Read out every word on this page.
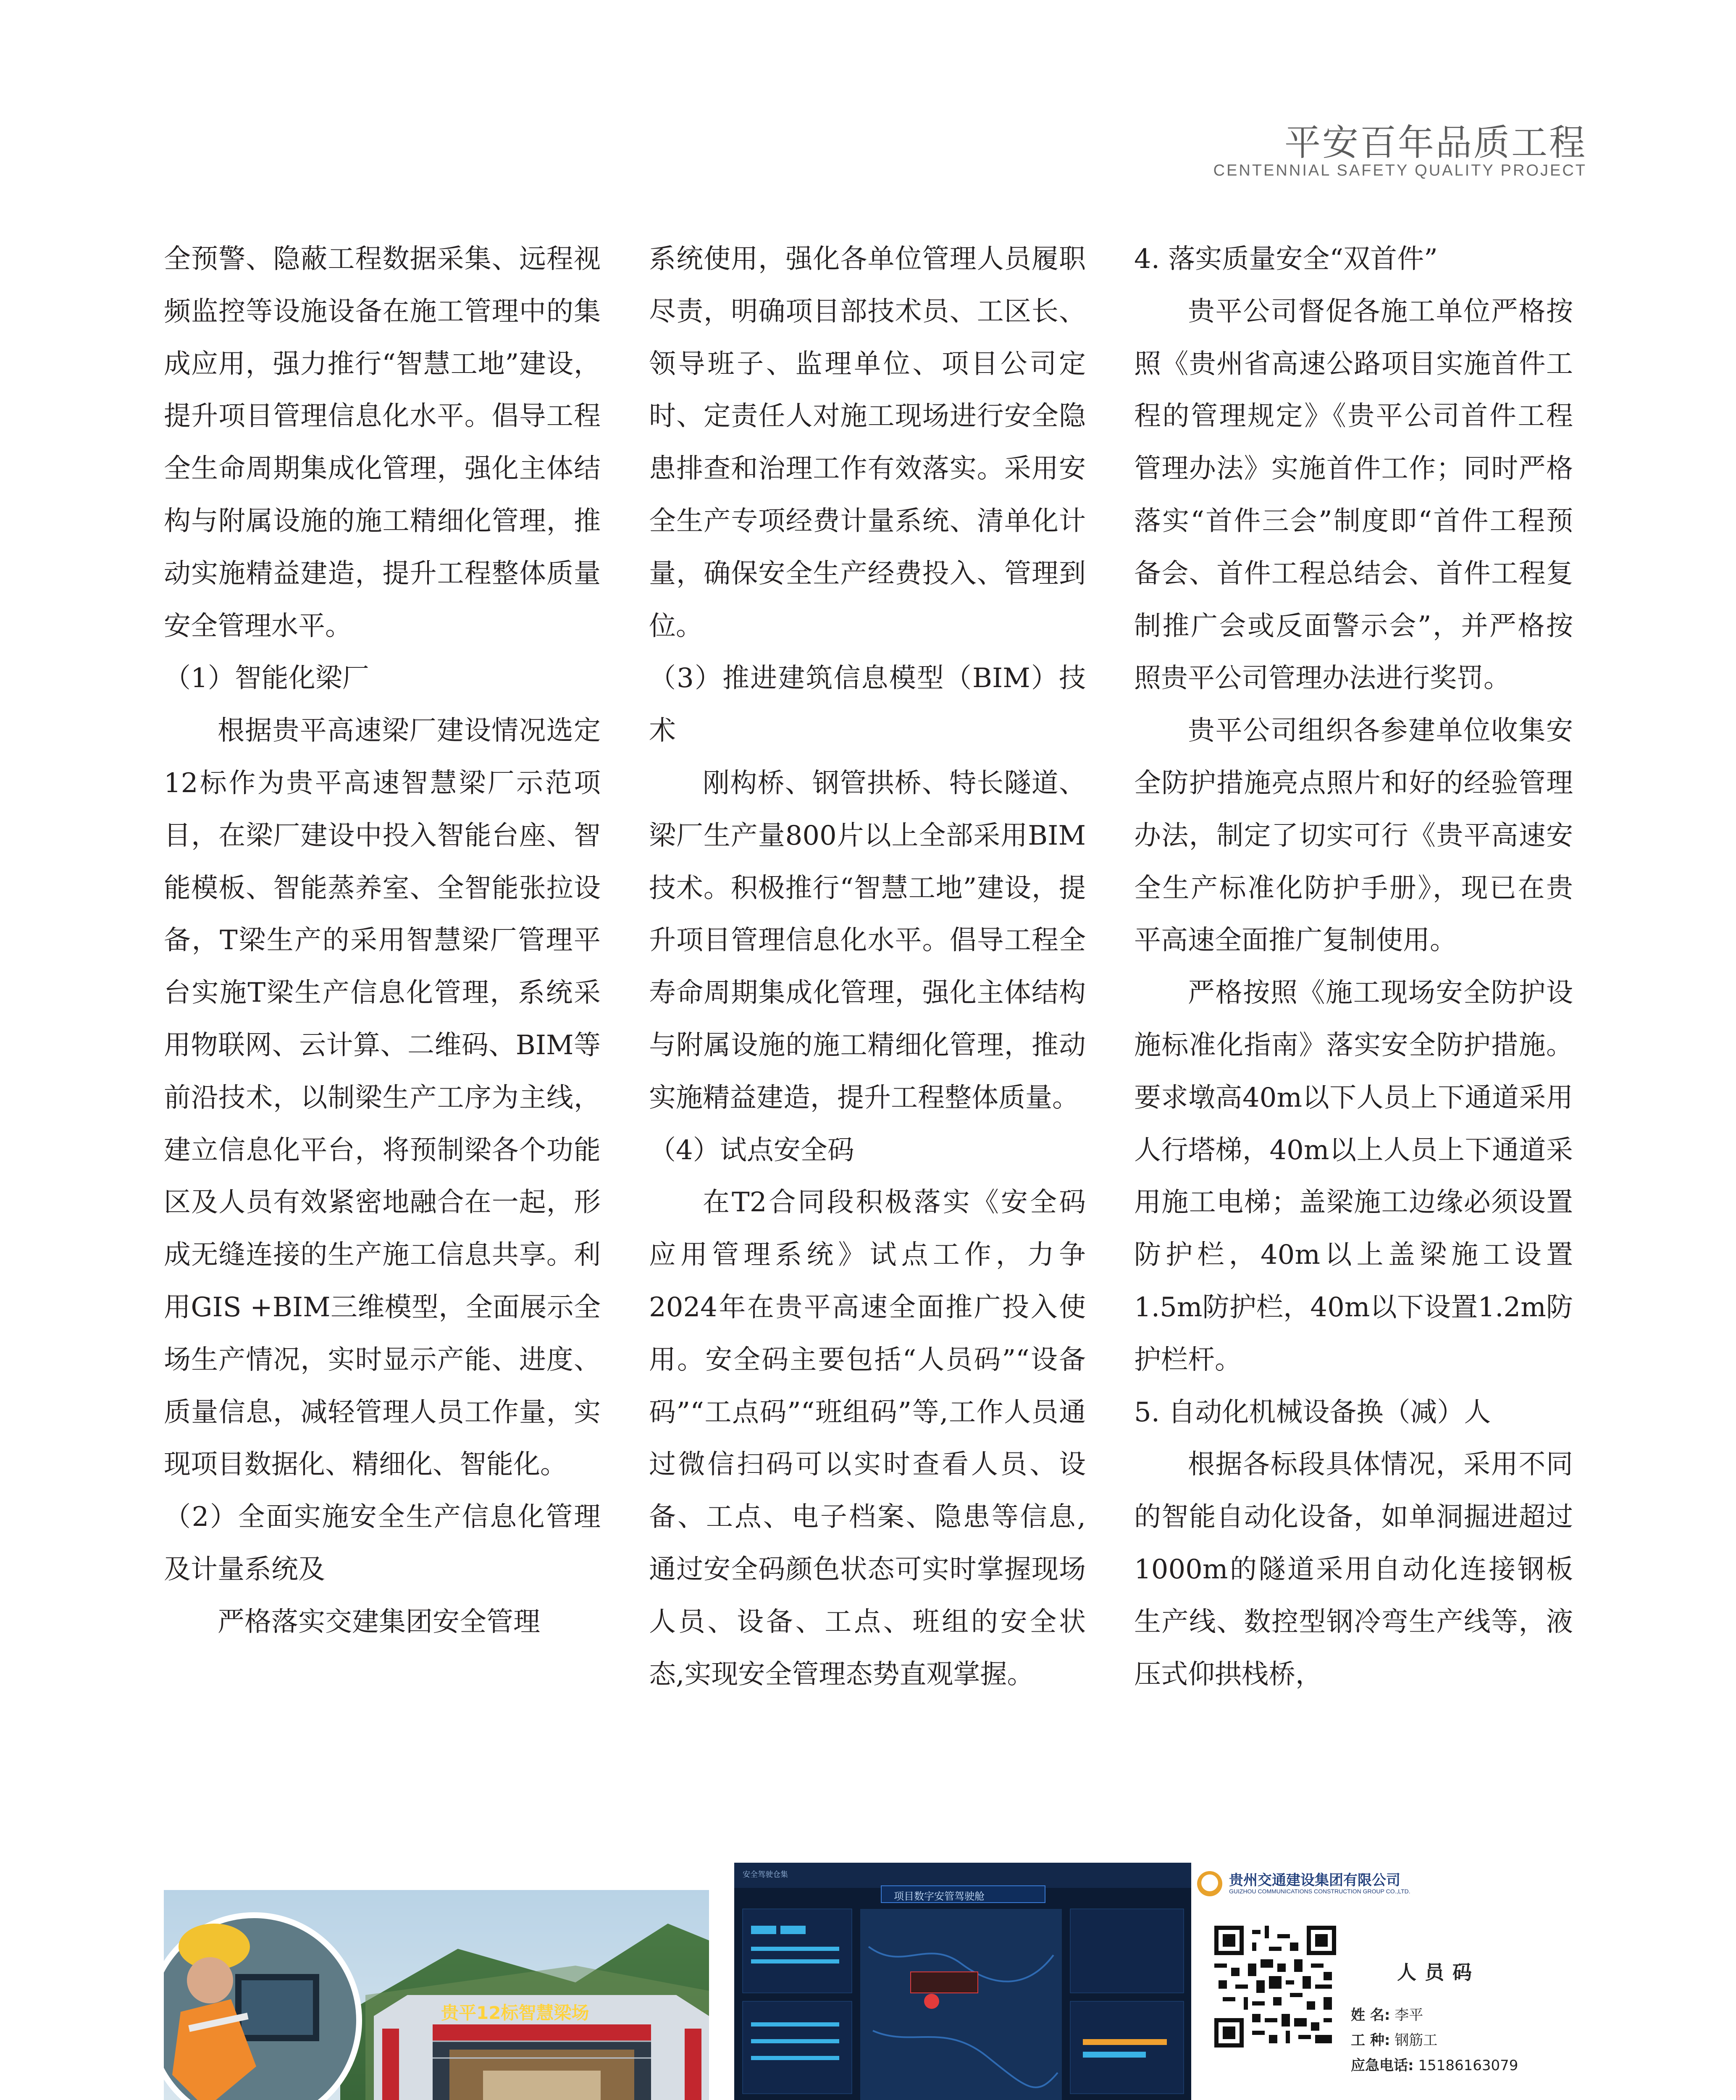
平安百年品质工程
CENTENNIAL SAFETY QUALITY PROJECT

全预警、隐蔽工程数据采集、远程视频监控等设施设备在施工管理中的集成应用，强力推行“智慧工地”建设，提升项目管理信息化水平。倡导工程全生命周期集成化管理，强化主体结构与附属设施的施工精细化管理，推动实施精益建造，提升工程整体质量安全管理水平。

（1）智能化梁厂

根据贵平高速梁厂建设情况选定12标作为贵平高速智慧梁厂示范项目，在梁厂建设中投入智能台座、智能模板、智能蒸养室、全智能张拉设备，T梁生产的采用智慧梁厂管理平台实施T梁生产信息化管理，系统采用物联网、云计算、二维码、BIM等前沿技术，以制梁生产工序为主线，建立信息化平台，将预制梁各个功能区及人员有效紧密地融合在一起，形成无缝连接的生产施工信息共享。利用GIS +BIM三维模型，全面展示全场生产情况，实时显示产能、进度、质量信息，减轻管理人员工作量，实现项目数据化、精细化、智能化。

（2）全面实施安全生产信息化管理及计量系统及

严格落实交建集团安全管理

系统使用，强化各单位管理人员履职尽责，明确项目部技术员、工区长、领导班子、监理单位、项目公司定时、定责任人对施工现场进行安全隐患排查和治理工作有效落实。采用安全生产专项经费计量系统、清单化计量，确保安全生产经费投入、管理到位。

（3）推进建筑信息模型（BIM）技术

刚构桥、钢管拱桥、特长隧道、梁厂生产量800片以上全部采用BIM技术。积极推行“智慧工地”建设，提升项目管理信息化水平。倡导工程全寿命周期集成化管理，强化主体结构与附属设施的施工精细化管理，推动实施精益建造，提升工程整体质量。

（4）试点安全码

在T2合同段积极落实《安全码应用管理系统》试点工作，力争2024年在贵平高速全面推广投入使用。安全码主要包括“人员码”“设备码”“工点码”“班组码”等,工作人员通过微信扫码可以实时查看人员、设备、工点、电子档案、隐患等信息,通过安全码颜色状态可实时掌握现场人员、设备、工点、班组的安全状态,实现安全管理态势直观掌握。

4. 落实质量安全“双首件”

贵平公司督促各施工单位严格按照《贵州省高速公路项目实施首件工程的管理规定》《贵平公司首件工程管理办法》实施首件工作；同时严格落实“首件三会”制度即“首件工程预备会、首件工程总结会、首件工程复制推广会或反面警示会”，并严格按照贵平公司管理办法进行奖罚。

贵平公司组织各参建单位收集安全防护措施亮点照片和好的经验管理办法，制定了切实可行《贵平高速安全生产标准化防护手册》，现已在贵平高速全面推广复制使用。

严格按照《施工现场安全防护设施标准化指南》落实安全防护措施。要求墩高40m以下人员上下通道采用人行塔梯，40m以上人员上下通道采用施工电梯；盖梁施工边缘必须设置防护栏，40m以上盖梁施工设置1.5m防护栏，40m以下设置1.2m防护栏杆。

5. 自动化机械设备换（减）人

根据各标段具体情况，采用不同的智能自动化设备，如单洞掘进超过1000m的隧道采用自动化连接钢板生产线、数控型钢冷弯生产线等，液压式仰拱栈桥，

贵平12标智慧梁场
项目数字安管驾驶舱
安全驾驶仓集	贵州交通建设集团有限公司
GUIZHOU COMMUNICATIONS CONSTRUCTION GROUP CO.,LTD.
人员码
姓 名: 李平
工 种: 钢筋工
应急电话: 15186163079
